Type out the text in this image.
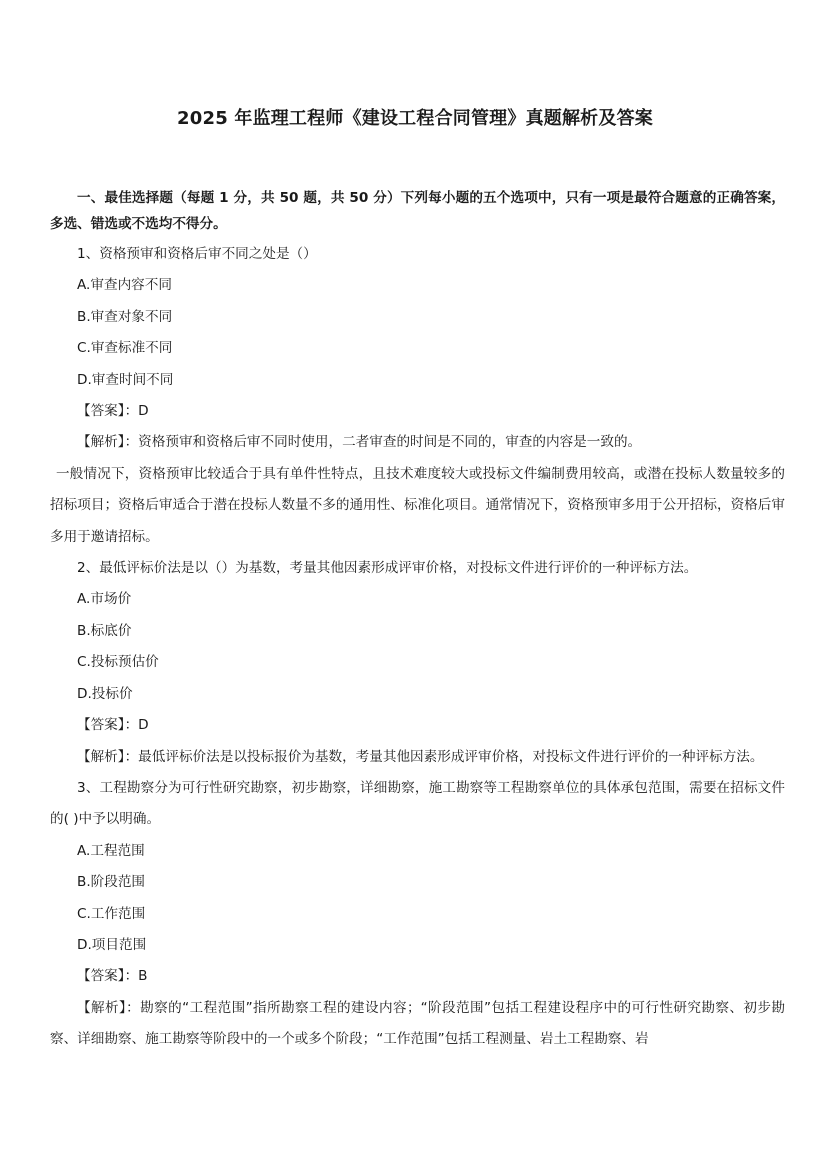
2025 年监理工程师《建设工程合同管理》真题解析及答案
一、最佳选择题（每题 1 分，共 50 题，共 50 分）下列每小题的五个选项中，只有一项是最符合题意的正确答案，多选、错选或不选均不得分。
1、资格预审和资格后审不同之处是（）
A.审查内容不同
B.审查对象不同
C.审查标准不同
D.审查时间不同
【答案】：D
【解析】：资格预审和资格后审不同时使用，二者审查的时间是不同的，审查的内容是一致的。
一般情况下，资格预审比较适合于具有单件性特点，且技术难度较大或投标文件编制费用较高，或潜在投标人数量较多的招标项目；资格后审适合于潜在投标人数量不多的通用性、标准化项目。通常情况下，资格预审多用于公开招标，资格后审多用于邀请招标。
2、最低评标价法是以（）为基数，考量其他因素形成评审价格，对投标文件进行评价的一种评标方法。
A.市场价
B.标底价
C.投标预估价
D.投标价
【答案】：D
【解析】：最低评标价法是以投标报价为基数，考量其他因素形成评审价格，对投标文件进行评价的一种评标方法。
3、工程勘察分为可行性研究勘察，初步勘察，详细勘察，施工勘察等工程勘察单位的具体承包范围，需要在招标文件的( )中予以明确。
A.工程范围
B.阶段范围
C.工作范围
D.项目范围
【答案】：B
【解析】：勘察的“工程范围”指所勘察工程的建设内容；“阶段范围”包括工程建设程序中的可行性研究勘察、初步勘察、详细勘察、施工勘察等阶段中的一个或多个阶段；“工作范围”包括工程测量、岩土工程勘察、岩
